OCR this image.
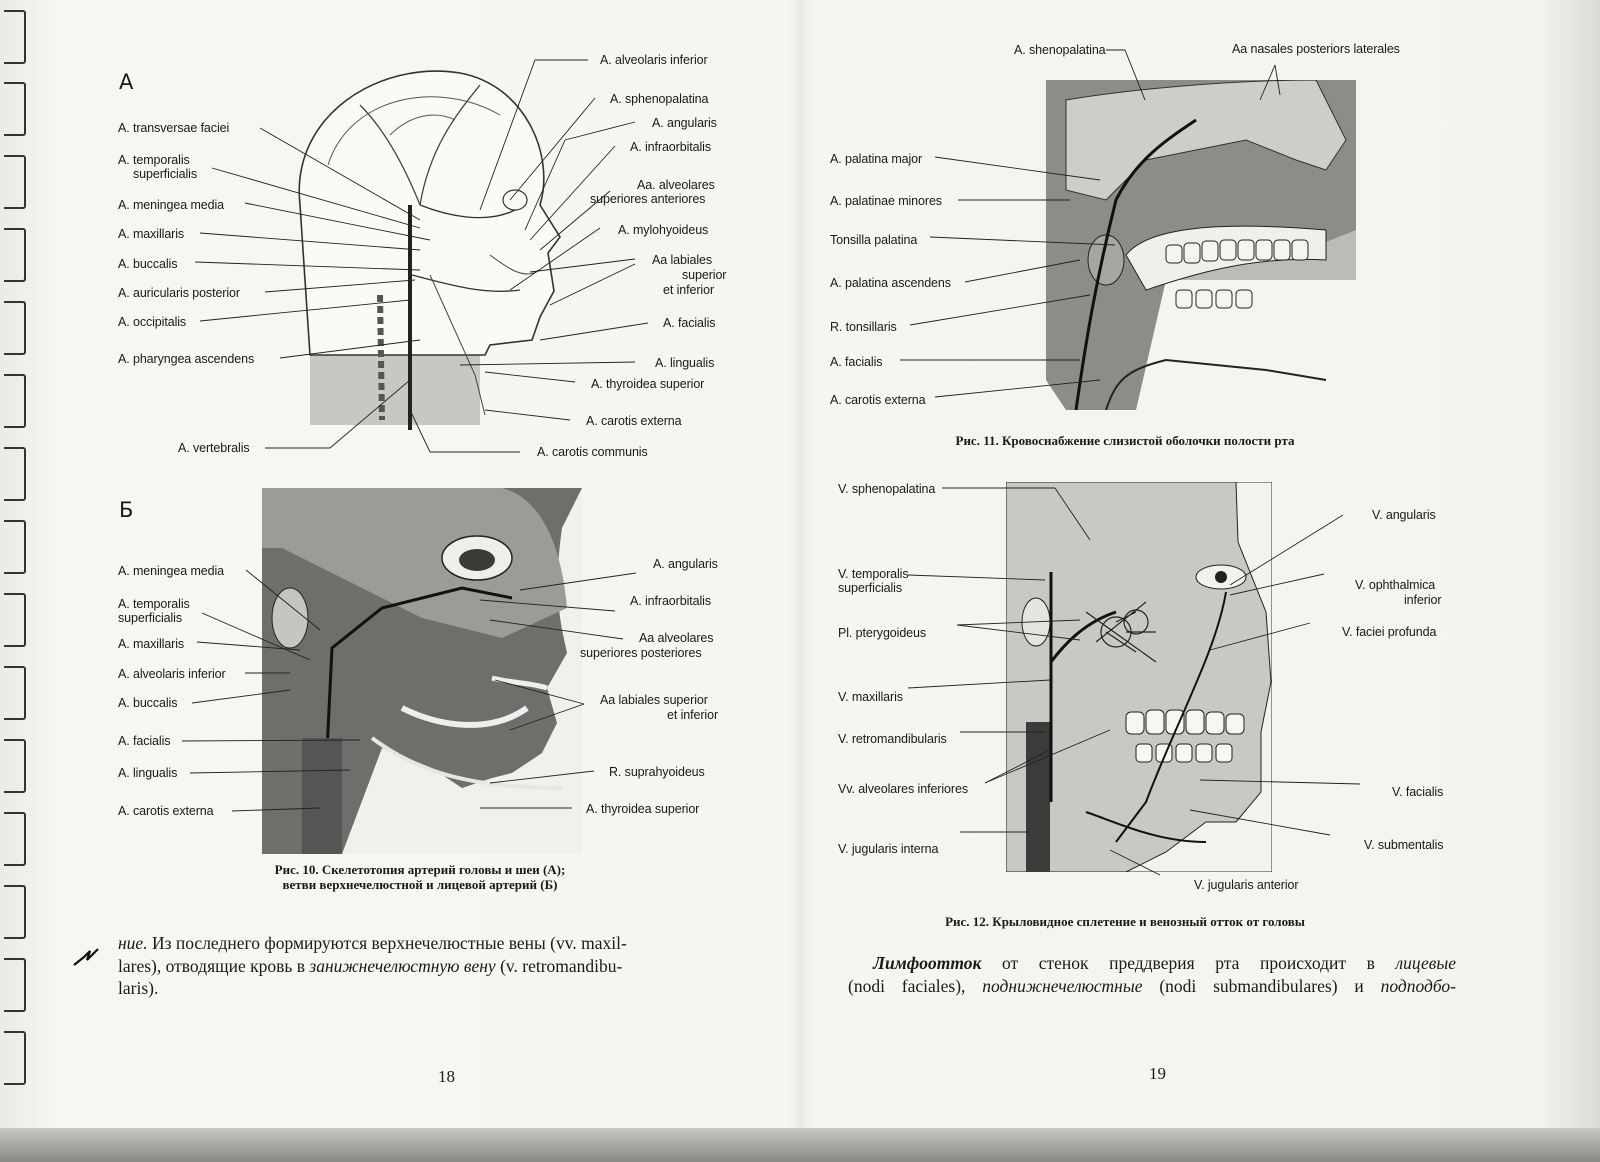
А
A. transversae faciei
A. temporalis
superficialis
A. meningea media
A. maxillaris
A. buccalis
A. auricularis posterior
A. occipitalis
A. pharyngea ascendens
A. vertebralis
A. alveolaris inferior
A. sphenopalatina
A. angularis
A. infraorbitalis
Aa. alveolares
superiores anteriores
A. mylohyoideus
Aa labiales
superior
et inferior
A. facialis
A. lingualis
A. thyroidea superior
A. carotis externa
A. carotis communis
Б
A. meningea media
A. temporalis
superficialis
A. maxillaris
A. alveolaris inferior
A. buccalis
A. facialis
A. lingualis
A. carotis externa
A. angularis
A. infraorbitalis
Aa alveolares
superiores posteriores
Aa labiales superior
et inferior
R. suprahyoideus
A. thyroidea superior
Рис. 10. Скелетотопия артерий головы и шеи (А);
ветви верхнечелюстной и лицевой артерий (Б)
ние. Из последнего формируются верхнечелюстные вены (vv. maxil-
lares), отводящие кровь в занижнечелюстную вену (v. retromandibu-
laris).
18
A. shenopalatina	Aa nasales posteriors laterales
A. palatina major
A. palatinae minores
Tonsilla palatina
A. palatina ascendens
R. tonsillaris
A. facialis
A. carotis externa
Рис. 11. Кровоснабжение слизистой оболочки полости рта
V. sphenopalatina
V. temporalis
superficialis
Pl. pterygoideus
V. maxillaris
V. retromandibularis
Vv. alveolares inferiores
V. jugularis interna
V. angularis
V. ophthalmica
inferior
V. faciei profunda
V. facialis
V. submentalis
V. jugularis anterior
Рис. 12. Крыловидное сплетение и венозный отток от головы
Лимфоотток от стенок преддверия рта происходит в лицевые
(nodi faciales), поднижнечелюстные (nodi submandibulares) и подподбо-
19
